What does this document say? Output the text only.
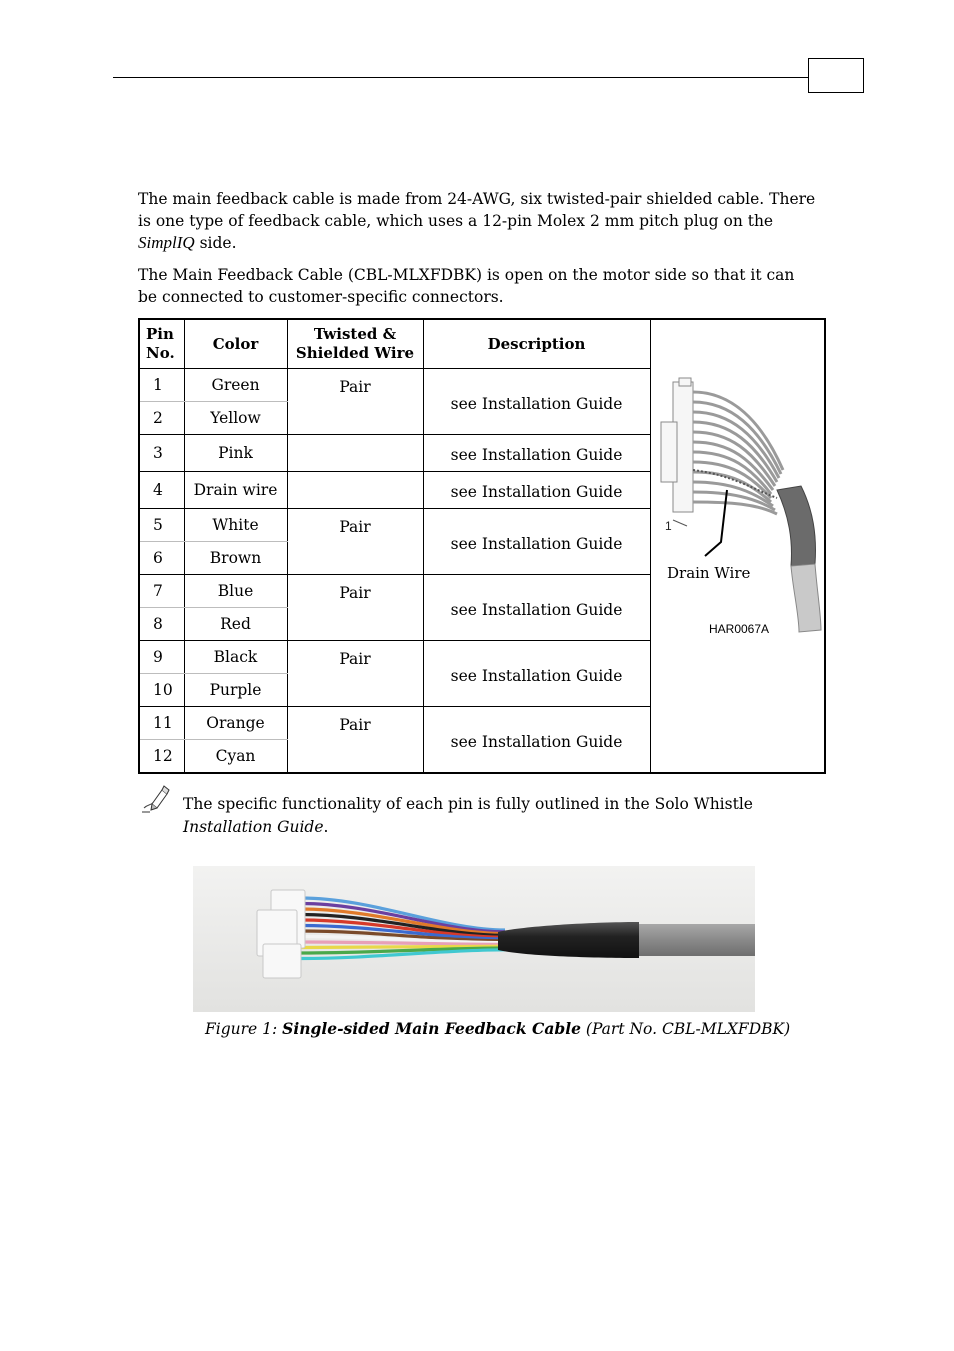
The main feedback cable is made from 24-AWG, six twisted-pair shielded cable. There is one type of feedback cable, which uses a 12-pin Molex 2 mm pitch plug on the SimplIQ side.

The Main Feedback Cable (CBL-MLXFDBK) is open on the motor side so that it can be connected to customer-specific connectors.

Pin No.	Color	Twisted & Shielded Wire	Description	1
Drain Wire
HAR0067A

1	Green	Pair	see Installation Guide	
2	Yellow			
3	Pink		see Installation Guide	
4	Drain wire		see Installation Guide	
5	White	Pair	see Installation Guide	
6	Brown			
7	Blue	Pair	see Installation Guide	
8	Red			
9	Black	Pair	see Installation Guide	
10	Purple			
11	Orange	Pair	see Installation Guide	
12	Cyan			

The specific functionality of each pin is fully outlined in the Solo Whistle
Installation Guide.

Figure 1: Single-sided Main Feedback Cable (Part No. CBL-MLXFDBK)
